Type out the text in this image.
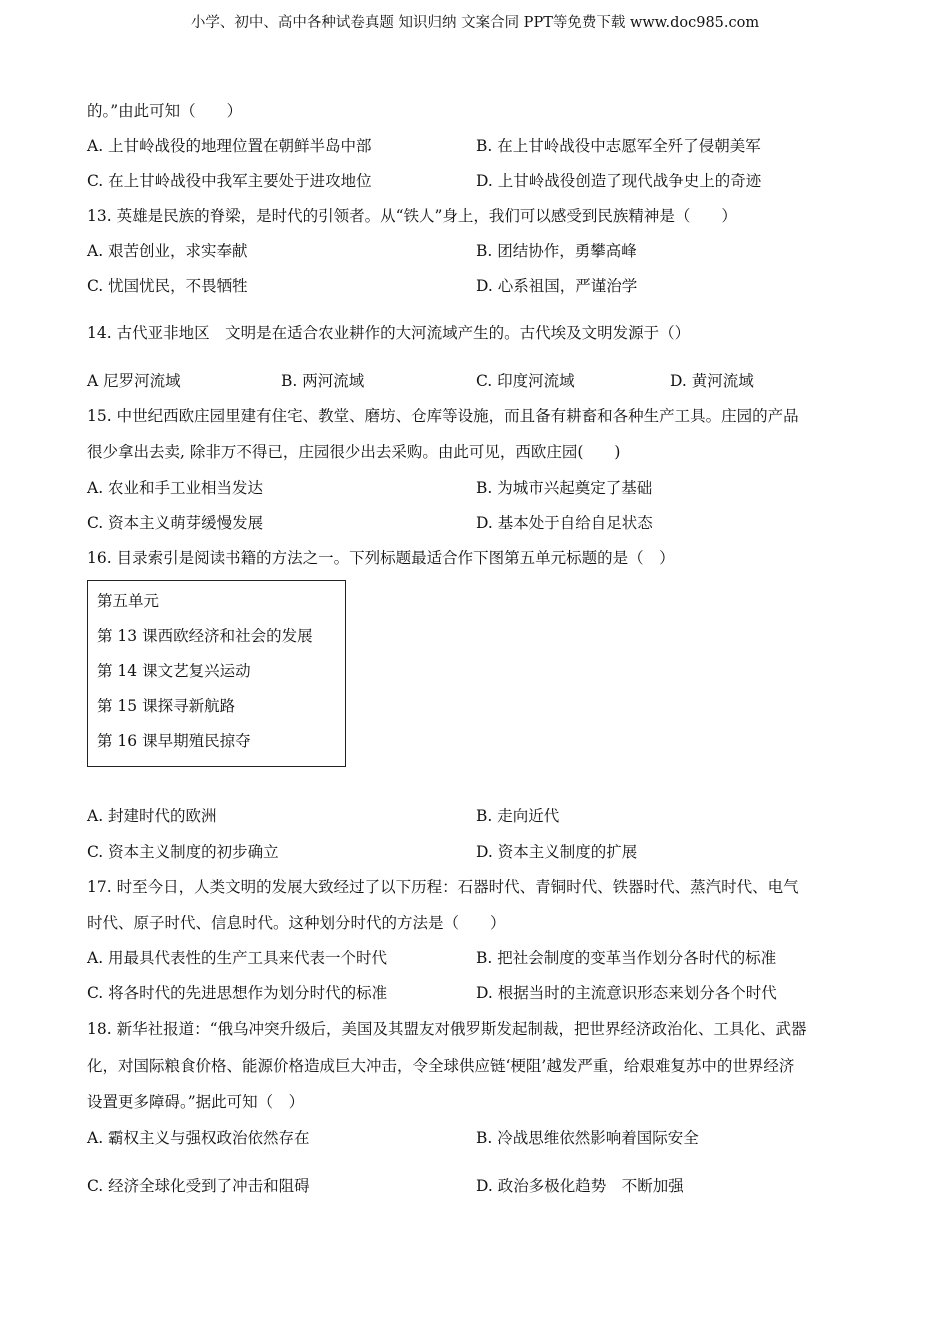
小学、初中、高中各种试卷真题 知识归纳 文案合同 PPT等免费下载 www.doc985.com
的。”由此可知（　　）
A. 上甘岭战役的地理位置在朝鲜半岛中部	B. 在上甘岭战役中志愿军全歼了侵朝美军
C. 在上甘岭战役中我军主要处于进攻地位	D. 上甘岭战役创造了现代战争史上的奇迹
13. 英雄是民族的脊梁，是时代的引领者。从“铁人”身上，我们可以感受到民族精神是（　　）
A. 艰苦创业，求实奉献	B. 团结协作，勇攀高峰
C. 忧国忧民，不畏牺牲	D. 心系祖国，严谨治学
14. 古代亚非地区　文明是在适合农业耕作的大河流域产生的。古代埃及文明发源于（）
A 尼罗河流域	B. 两河流域	C. 印度河流域	D. 黄河流域
15. 中世纪西欧庄园里建有住宅、教堂、磨坊、仓库等设施，而且备有耕畜和各种生产工具。庄园的产品
很少拿出去卖, 除非万不得已，庄园很少出去采购。由此可见，西欧庄园(　　)
A. 农业和手工业相当发达	B. 为城市兴起奠定了基础
C. 资本主义萌芽缓慢发展	D. 基本处于自给自足状态
16. 目录索引是阅读书籍的方法之一。下列标题最适合作下图第五单元标题的是（　）
第五单元
第 13 课西欧经济和社会的发展
第 14 课文艺复兴运动
第 15 课探寻新航路
第 16 课早期殖民掠夺
A. 封建时代的欧洲	B. 走向近代
C. 资本主义制度的初步确立	D. 资本主义制度的扩展
17. 时至今日，人类文明的发展大致经过了以下历程：石器时代、青铜时代、铁器时代、蒸汽时代、电气
时代、原子时代、信息时代。这种划分时代的方法是（　　）
A. 用最具代表性的生产工具来代表一个时代	B. 把社会制度的变革当作划分各时代的标准
C. 将各时代的先进思想作为划分时代的标准	D. 根据当时的主流意识形态来划分各个时代
18. 新华社报道：“俄乌冲突升级后，美国及其盟友对俄罗斯发起制裁，把世界经济政治化、工具化、武器
化，对国际粮食价格、能源价格造成巨大冲击，令全球供应链‘梗阻’越发严重，给艰难复苏中的世界经济
设置更多障碍。”据此可知（　）
A. 霸权主义与强权政治依然存在	B. 冷战思维依然影响着国际安全
C. 经济全球化受到了冲击和阻碍	D. 政治多极化趋势　不断加强
